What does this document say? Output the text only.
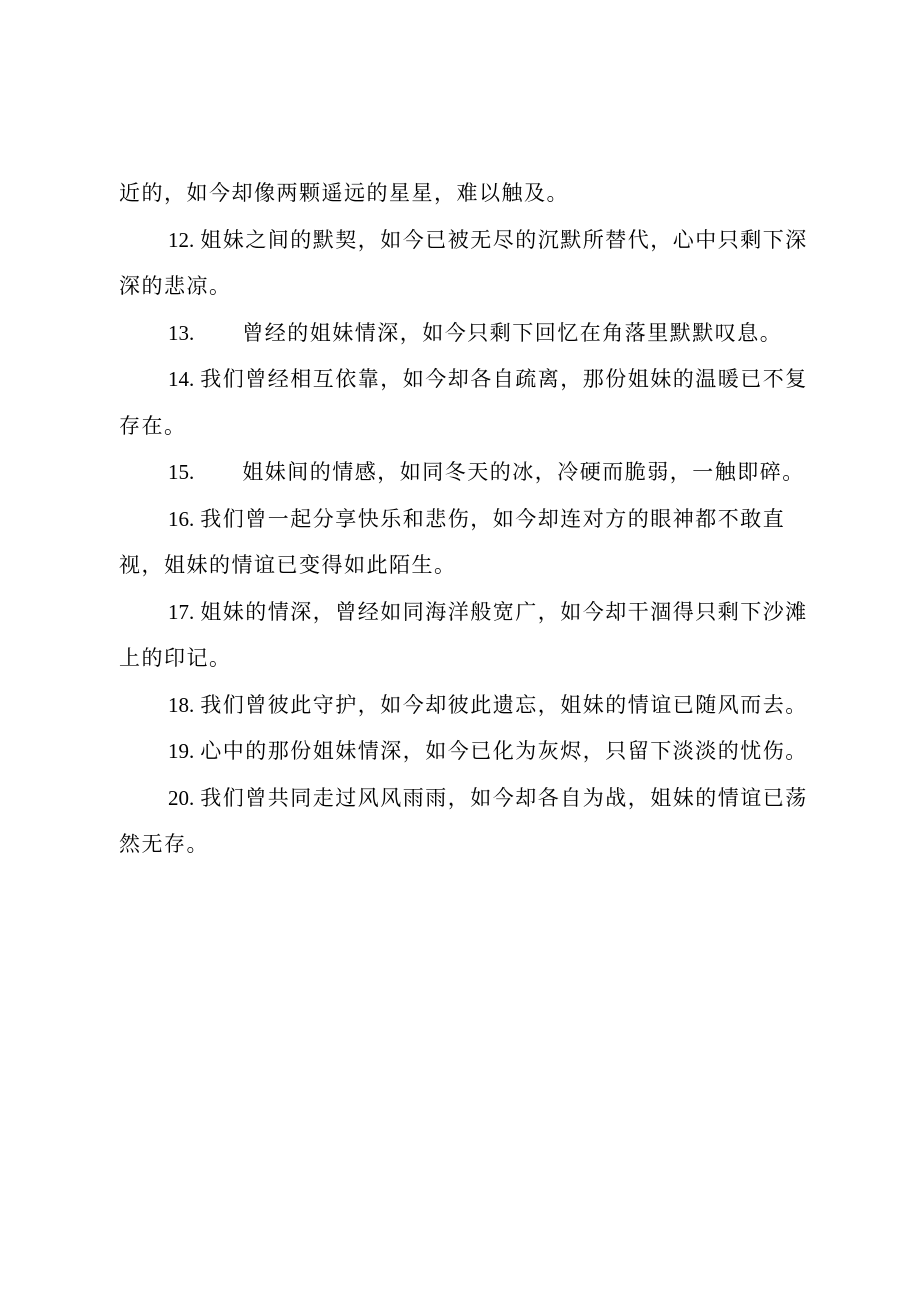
近的，如今却像两颗遥远的星星，难以触及。

12. 姐妹之间的默契，如今已被无尽的沉默所替代，心中只剩下深深的悲凉。

13. 曾经的姐妹情深，如今只剩下回忆在角落里默默叹息。

14. 我们曾经相互依靠，如今却各自疏离，那份姐妹的温暖已不复存在。

15. 姐妹间的情感，如同冬天的冰，冷硬而脆弱，一触即碎。

16. 我们曾一起分享快乐和悲伤，如今却连对方的眼神都不敢直视，姐妹的情谊已变得如此陌生。

17. 姐妹的情深，曾经如同海洋般宽广，如今却干涸得只剩下沙滩上的印记。

18. 我们曾彼此守护，如今却彼此遗忘，姐妹的情谊已随风而去。

19. 心中的那份姐妹情深，如今已化为灰烬，只留下淡淡的忧伤。

20. 我们曾共同走过风风雨雨，如今却各自为战，姐妹的情谊已荡然无存。
